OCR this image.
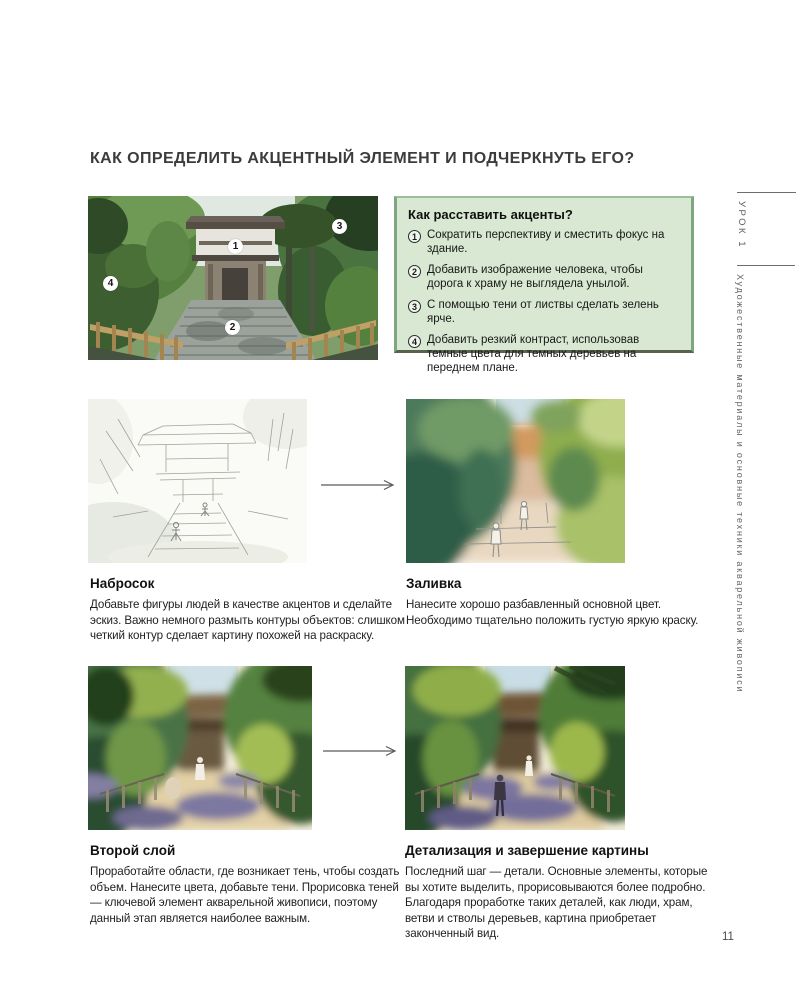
КАК ОПРЕДЕЛИТЬ АКЦЕНТНЫЙ ЭЛЕМЕНТ И ПОДЧЕРКНУТЬ ЕГО?
1
2
3
4
Как расставить акценты?
1 Сократить перспективу и сместить фокус на здание.
2 Добавить изображение человека, чтобы дорога к храму не выглядела унылой.
3 С помощью тени от листвы сделать зелень ярче.
4 Добавить резкий контраст, использовав темные цвета для темных деревьев на переднем плане.
Набросок
Добавьте фигуры людей в качестве акцентов и сделайте эскиз. Важно немного размыть контуры объектов: слишком четкий контур сделает картину похожей на раскраску.
Заливка
Нанесите хорошо разбавленный основной цвет. Необходимо тщательно положить густую яркую краску.
Второй слой
Проработайте области, где возникает тень, чтобы создать объем. Нанесите цвета, добавьте тени. Прорисовка теней — ключевой элемент акварельной живописи, поэтому данный этап является наиболее важным.
Детализация и завершение картины
Последний шаг — детали. Основные элементы, которые вы хотите выделить, прорисовываются более подробно. Благодаря проработке таких деталей, как люди, храм, ветви и стволы деревьев, картина приобретает законченный вид.
УРОК 1
Художественные материалы и основные техники акварельной живописи
11
